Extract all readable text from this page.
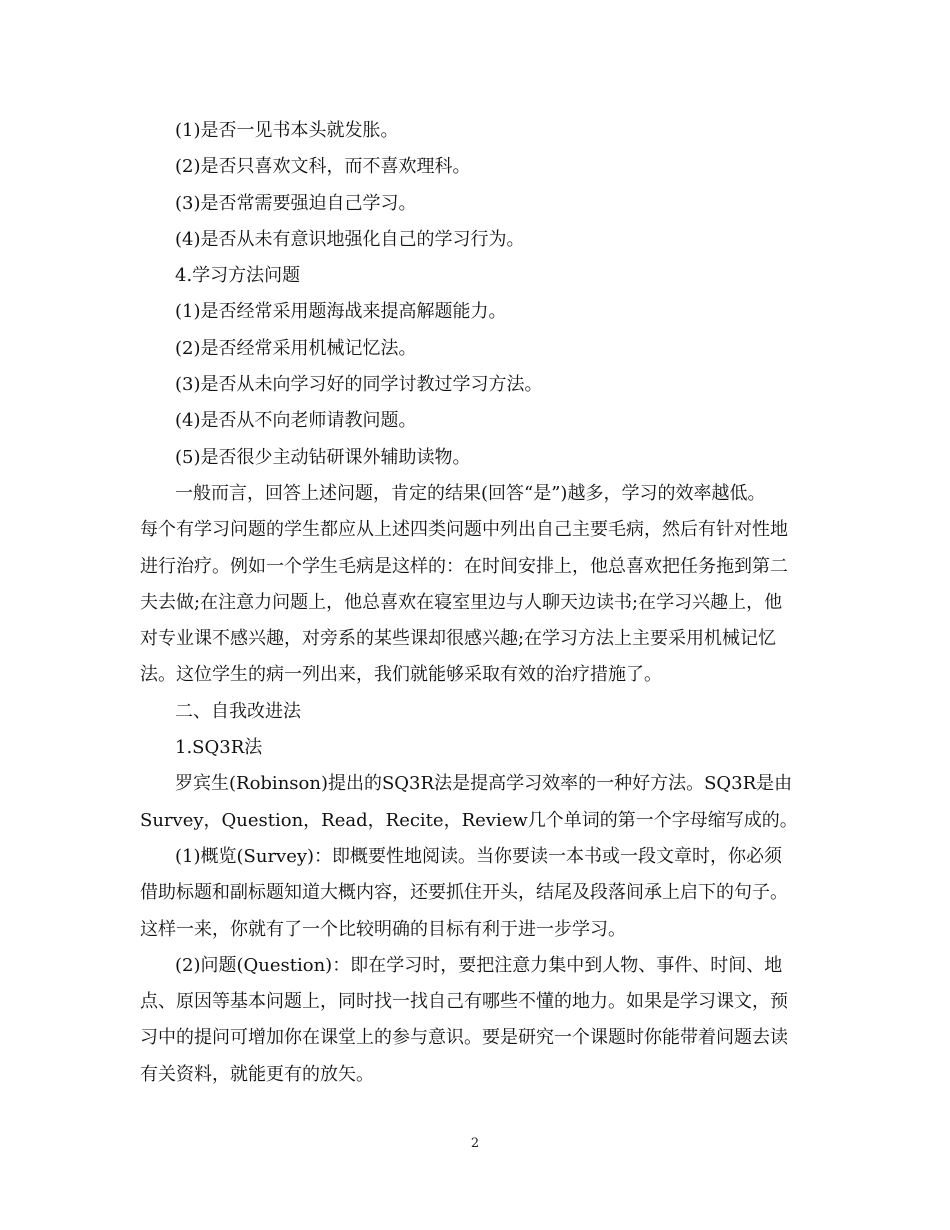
(1)是否一见书本头就发胀。

(2)是否只喜欢文科，而不喜欢理科。

(3)是否常需要强迫自己学习。

(4)是否从未有意识地强化自己的学习行为。

4.学习方法问题

(1)是否经常采用题海战来提高解题能力。

(2)是否经常采用机械记忆法。

(3)是否从未向学习好的同学讨教过学习方法。

(4)是否从不向老师请教问题。

(5)是否很少主动钻研课外辅助读物。

一般而言，回答上述问题，肯定的结果(回答“是”)越多，学习的效率越低。

每个有学习问题的学生都应从上述四类问题中列出自己主要毛病，然后有针对性地

进行治疗。例如一个学生毛病是这样的：在时间安排上，他总喜欢把任务拖到第二

夫去做;在注意力问题上，他总喜欢在寝室里边与人聊天边读书;在学习兴趣上，他

对专业课不感兴趣，对旁系的某些课却很感兴趣;在学习方法上主要采用机械记忆

法。这位学生的病一列出来，我们就能够采取有效的治疗措施了。

二、自我改进法

1.SQ3R法

罗宾生(Robinson)提出的SQ3R法是提高学习效率的一种好方法。SQ3R是由

Survey，Question，Read，Recite，Review几个单词的第一个字母缩写成的。

(1)概览(Survey)：即概要性地阅读。当你要读一本书或一段文章时，你必须

借助标题和副标题知道大概内容，还要抓住开头，结尾及段落间承上启下的句子。

这样一来，你就有了一个比较明确的目标有利于进一步学习。

(2)问题(Question)：即在学习时，要把注意力集中到人物、事件、时间、地

点、原因等基本问题上，同时找一找自己有哪些不懂的地力。如果是学习课文，预

习中的提问可增加你在课堂上的参与意识。要是研究一个课题时你能带着问题去读

有关资料，就能更有的放矢。

2
